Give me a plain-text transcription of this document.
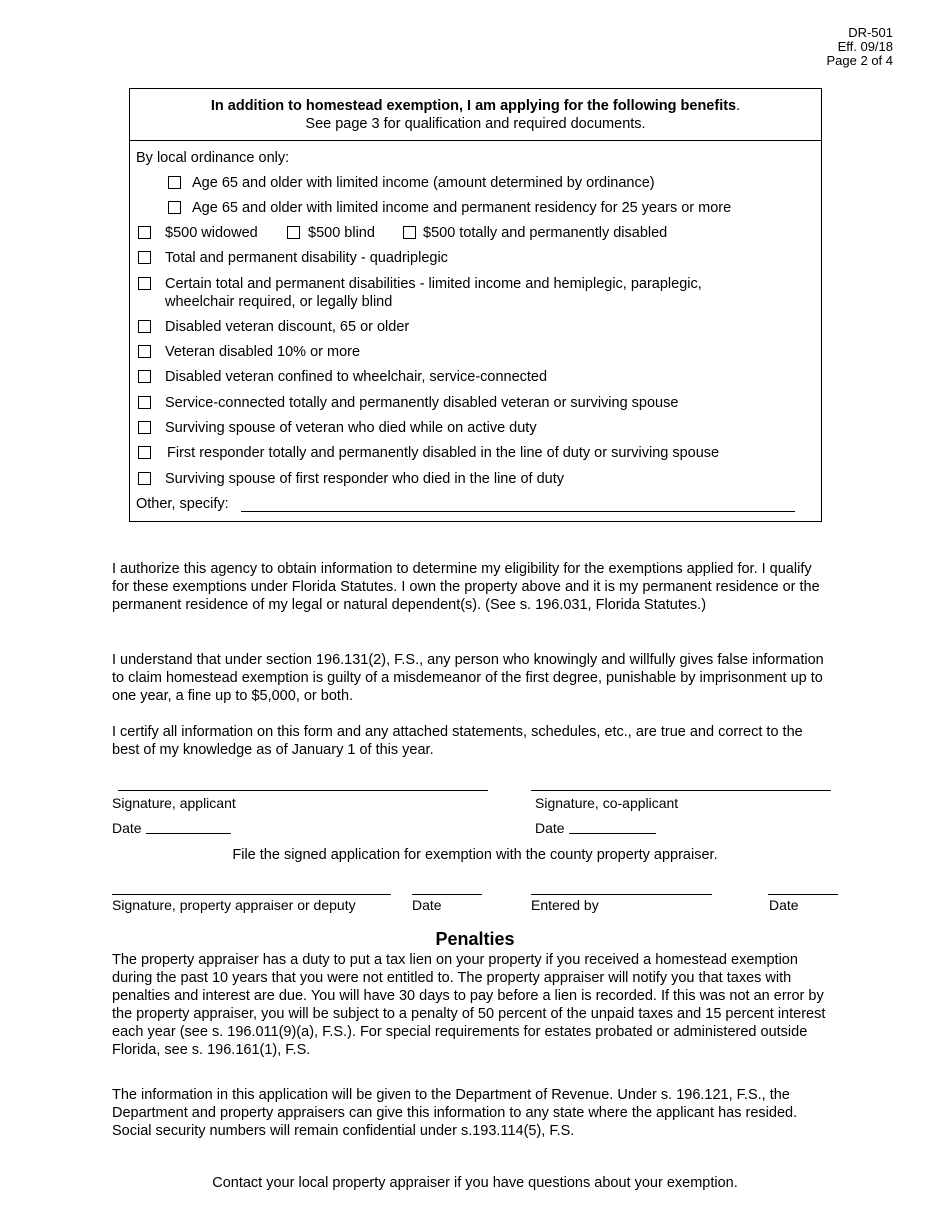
DR-501
Eff. 09/18
Page 2 of 4
In addition to homestead exemption, I am applying for the following benefits.
See page 3 for qualification and required documents.
By local ordinance only:
Age 65 and older with limited income (amount determined by ordinance)
Age 65 and older with limited income and permanent residency for 25 years or more
$500 widowed	$500 blind	$500 totally and permanently disabled
Total and permanent disability - quadriplegic
Certain total and permanent disabilities - limited income and hemiplegic, paraplegic,
wheelchair required, or legally blind
Disabled veteran discount, 65 or older
Veteran disabled 10% or more
Disabled veteran confined to wheelchair, service-connected
Service-connected totally and permanently disabled veteran or surviving spouse
Surviving spouse of veteran who died while on active duty
First responder totally and permanently disabled in the line of duty or surviving spouse
Surviving spouse of first responder who died in the line of duty
Other, specify:
I authorize this agency to obtain information to determine my eligibility for the exemptions applied for. I qualify for these exemptions under Florida Statutes. I own the property above and it is my permanent residence or the permanent residence of my legal or natural dependent(s). (See s. 196.031, Florida Statutes.)
I understand that under section 196.131(2), F.S., any person who knowingly and willfully gives false information to claim homestead exemption is guilty of a misdemeanor of the first degree, punishable by imprisonment up to one year, a fine up to $5,000, or both.
I certify all information on this form and any attached statements, schedules, etc., are true and correct to the best of my knowledge as of January 1 of this year.
Signature, applicant	Signature, co-applicant
Date	Date
File the signed application for exemption with the county property appraiser.
Signature, property appraiser or deputy	Date	Entered by	Date
Penalties
The property appraiser has a duty to put a tax lien on your property if you received a homestead exemption during the past 10 years that you were not entitled to. The property appraiser will notify you that taxes with penalties and interest are due. You will have 30 days to pay before a lien is recorded. If this was not an error by the property appraiser, you will be subject to a penalty of 50 percent of the unpaid taxes and 15 percent interest each year (see s. 196.011(9)(a), F.S.). For special requirements for estates probated or administered outside Florida, see s. 196.161(1), F.S.
The information in this application will be given to the Department of Revenue. Under s. 196.121, F.S., the Department and property appraisers can give this information to any state where the applicant has resided. Social security numbers will remain confidential under s.193.114(5), F.S.
Contact your local property appraiser if you have questions about your exemption.
